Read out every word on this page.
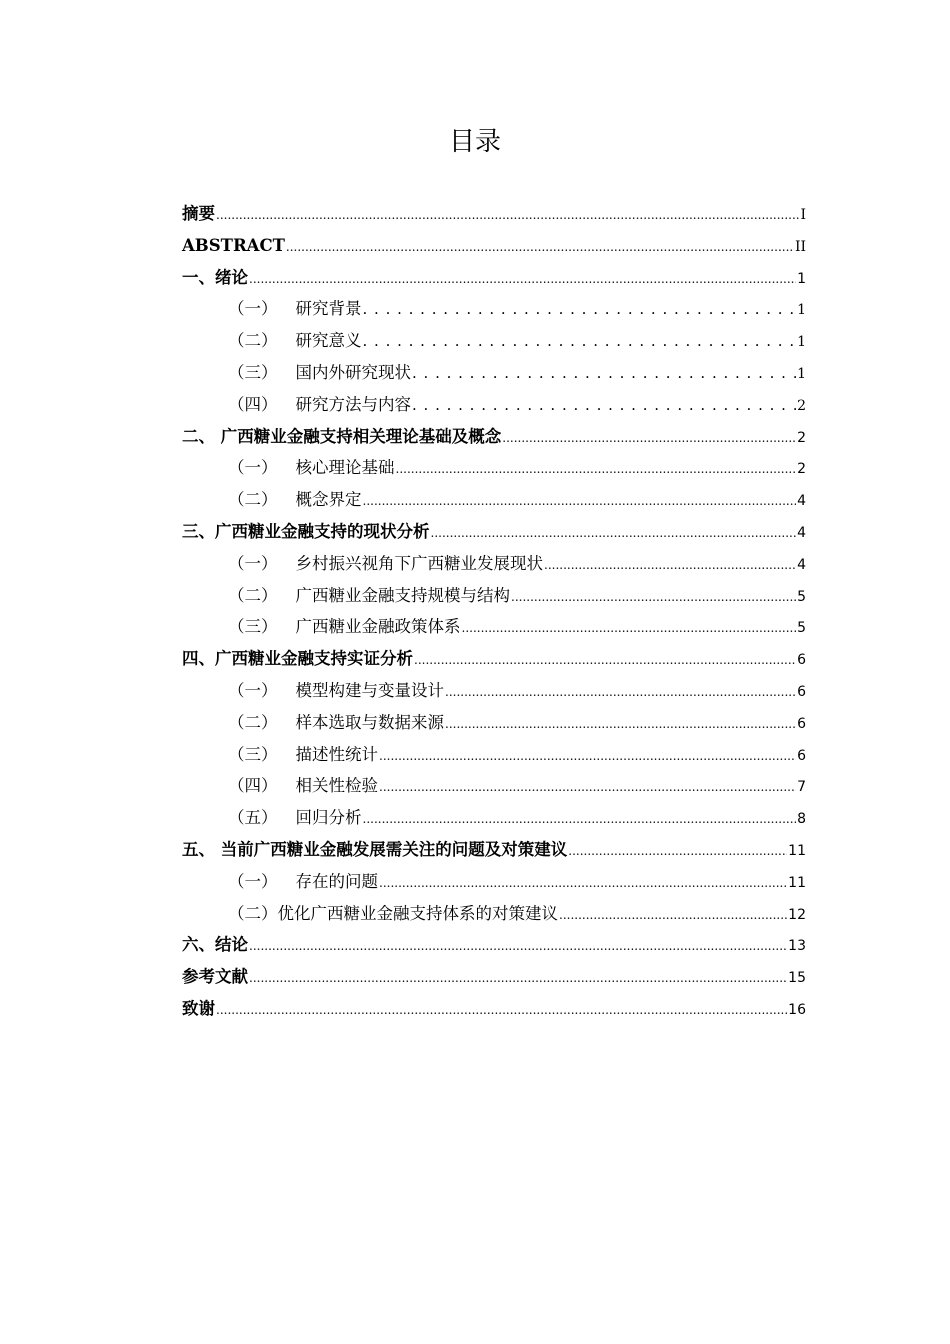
目录
摘要 .....	I
ABSTRACT .....	II
一、绪论 .....	1
（一） 研究背景 . . .	1
（二） 研究意义 . . .	1
（三） 国内外研究现状 . . .	1
（四） 研究方法与内容 . . .	2
二、 广西糖业金融支持相关理论基础及概念 .....	2
（一） 核心理论基础 .....	2
（二） 概念界定 .....	4
三、广西糖业金融支持的现状分析 .....	4
（一） 乡村振兴视角下广西糖业发展现状 .....	4
（二） 广西糖业金融支持规模与结构 .....	5
（三） 广西糖业金融政策体系 .....	5
四、广西糖业金融支持实证分析 .....	6
（一） 模型构建与变量设计 .....	6
（二） 样本选取与数据来源 .....	6
（三） 描述性统计 .....	6
（四） 相关性检验 .....	7
（五） 回归分析 .....	8
五、 当前广西糖业金融发展需关注的问题及对策建议 .....	11
（一） 存在的问题 .....	11
（二）优化广西糖业金融支持体系的对策建议 .....	12
六、结论 .....	13
参考文献 .....	15
致谢 .....	16
